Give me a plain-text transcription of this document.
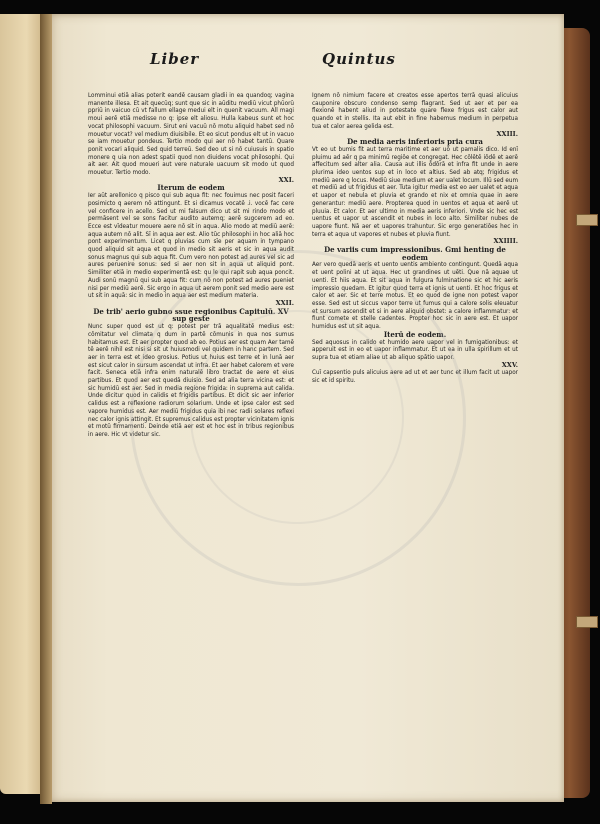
Liber	Quintus

Lomminui etiā alias poterit eandē causam gladii in ea quandoq; vagina manente illesa. Et ait quecūq; sunt que sic in aūditu mediū vicut phūorū ppriū in vaicuo cū vt fallum ellage medui elt in quenit vacuum. All magi moui aerē etiā medisse no q: ipse elt aliosu. Hulla kabeus sunt et hoc vocat philosophi vacuum. Sirut eni vacuū nō motu aliquid habet sed nō mouetur vocat? vel medium diuisibile. Et eo sicut pondus elt ut in vacuo se iam mouetur pondeus. Tertio modo qui aer nō habet tantū. Quare ponit vocari aliquid. Sed quid terreū. Sed deo ut si nō cuiusuis in spatio monere q uia non adest spatii quod non diuidens vocat philosophi. Qui ait aer. Ait quod moueri aut vere naturale uacuum sit modo ut quod mouetur. Tertio modo.

XXI.

Iterum de eodem

Ier aūt arellonico q pisco qui sub aqua fit: nec fouimus nec posit faceri posimicto q aerem nō attingunt. Et si dicamus vocatē .i. vocē fac cere vel conficere in acello. Sed ut mi falsum dico ut sit mi rindo modo et permāsent vel se sons facitur audito autemq; aerē sugcerem ad eo. Ecce est vīdeatur mouere aere nō sit in aqua. Alio modo at mediū aerē: aqua autem nō alit. Sī in aqua aer est. Alio tūc philosophi in hoc aliā hoc pont experimentum. Licet q pluvias cum sīe per aquam in tympano quod aliquid sit aqua et quod in medio sit aeris et sic in aqua audit sonus magnus qui sub aqua fit. Cum vero non potest ad aures vel sic ad aures peruenire sonus: sed si aer non sit in aqua ut aliquid pont. Similiter etiā in medio experimentā est: qu le qui rapit sub aqua poncit. Audi sonū magnū qui sub aqua fit: cum nō non potest ad aures pueniet nisi per mediū aerē. Sic ergo in aqua ut aerem ponit sed medio aere est ut sit in aquā: sic in medio in aqua aer est medium materia.

XXII.

De trib' aerio gubno ssue regionibus Capitulū. XV sup geste

Nunc super quod est ut q: potest per trā aqualitatē medius est: cōmitatur vel climata q dum in partē cōmunis in qua nos sumus habitamus est. Et aer propter quod ab eo. Potius aer est quam Aer tamē tē aerē nihil est nisi si sit ut huiusmodi vel quidem in hanc partem. Sed aer in terra est et ideo grosius. Potius ut huius est terre et in lunā aer est sicut calor in sursum ascendat ut infra. Et aer habet calorem et vere facit. Seneca etiā infra enim naturalē libro tractat de aere et eius partibus. Et quod aer est quedā diuisio. Sed ad alia terra vicina est: et sic humidū est aer. Sed in media regione frigida: in suprema aut calida. Unde dicitur quod in calidis et frigidis partibus. Et dicit sic aer inferior calidus est a reflexione radiorum solarium. Unde et ipse calor est sed vapore humidus est. Aer mediū frigidus quia ibi nec radii solares reflexi nec calor ignis attingit. Et supremus calidus est propter vicinitatem ignis et motū firmamenti. Deinde etiā aer est et hoc est in tribus regionibus in aere. Hic vt videtur sic.

Ignem nō nimium facere et creatos esse apertos terrā quasi alicuius cauponire obscuro condenso semp flagrant. Sed ut aer et per ea flexionē habent aliud in potestate quare flexe frigus est calor aut quando et in stellis. Ita aut ebit in fine habemus medium in perpetua tua et calor aerea gelida est.

XXIII.

De media aeris inferioris pria cura

Vt eo ut bumis fit aut terra maritime et aer uō ut pamalis dico. Id enī pluimu ad aēr q pa minimū regiōe et congregat. Hec cōlētē iōdē et aerē affecitum sed alter alia. Causa aut illis ōdōrā et infra fit unde in aere plurima ideo uentos sup et in loco et altius. Sed ab atq; frigidus et mediū aere q locus. Mediū siue medium et aer ualet locum. Illū sed eum et mediū ad ut frigidus et aer. Tuta igitur media est eo aer ualet et aqua et uapor et nebula et pluvia et grando et nix et omnia quae in aere generantur: mediū aere. Propterea quod in uentos et aqua et aerē ut pluuia. Et calor. Et aer ultimo in media aeris inferiori. Vnde sic hec est uentus et uapor ut ascendit et nubes in loco alto. Similiter nubes de uapore fiunt. Nā aer et uapores trahuntur. Sic ergo generatiōes hec in terra et aqua ut vapores et nubes et pluvia fiunt.

XXIIII.

De variis cum impressionibus. Gmi henting de eodem

Aer vero quedā aeris et uento uentis ambiento contingunt. Quedā aqua et uent polini at ut aqua. Hec ut grandines ut uēti. Que nā aquae ut uenti. Et hiis aqua. Et sit aqua in fulgura fulminatione sic et hic aeris impressio quedam. Et igitur quod terra et ignis ut uenti. Et hoc frigus et calor et aer. Sic et terre motus. Et eo quod de igne non potest vapor esse. Sed est ut siccus vapor terre ut fumus qui a calore solis eleuatur et sursum ascendit et si in aere aliquid obstet: a calore inflammatur: et fiunt comete et stelle cadentes. Propter hoc sic in aere est. Et uapor humidus est ut sit aqua.

Iterū de eodem.

Sed aquosus in calido et humido aere uapor vel in fumigationibus: et apperuit est in eo et uapor inflammatur. Et ut ea in ulla spirillum et ut supra tua et etiam aliae ut ab aliquo spātio uapor.

XXV.

Cuī capsentio puls alicuius aere ad ut et aer tunc et illum facit ut uapor sic et id spiritu.
